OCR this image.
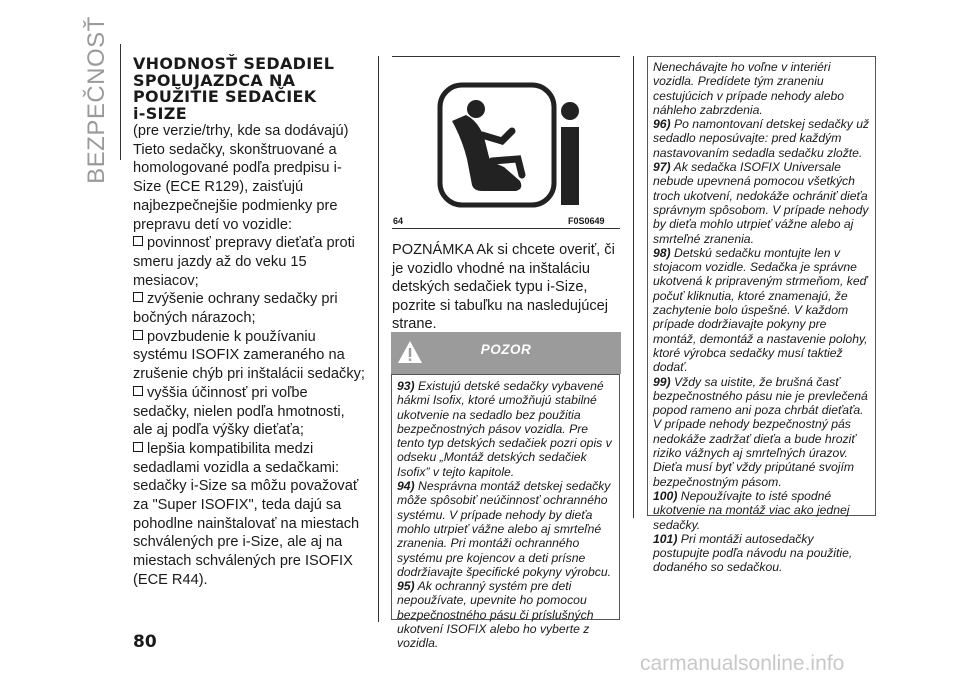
BEZPEČNOSŤ VHODNOSŤ SEDADIEL
SPOLUJAZDCA NA
POUŽITIE SEDAČIEK
i-SIZE

(pre verzie/trhy, kde sa dodávajú) Tieto sedačky, skonštruované a homologované podľa predpisu i-Size (ECE R129), zaisťujú najbezpečnejšie podmienky pre prepravu detí vo vozidle:

povinnosť prepravy dieťaťa proti smeru jazdy až do veku 15 mesiacov;
zvýšenie ochrany sedačky pri bočných nárazoch;
povzbudenie k používaniu systému ISOFIX zameraného na zrušenie chýb pri inštalácii sedačky;
vyššia účinnosť pri voľbe sedačky, nielen podľa hmotnosti, ale aj podľa výšky dieťaťa;
lepšia kompatibilita medzi sedadlami vozidla a sedačkami: sedačky i-Size sa môžu považovať za "Super ISOFIX", teda dajú sa pohodlne nainštalovať na miestach schválených pre i-Size, ale aj na miestach schválených pre ISOFIX (ECE R44).
64	F0S0649

POZNÁMKA Ak si chcete overiť, či je vozidlo vhodné na inštaláciu detských sedačiek typu i-Size, pozrite si tabuľku na nasledujúcej strane.

POZOR

93) Existujú detské sedačky vybavené hákmi Isofix, ktoré umožňujú stabilné ukotvenie na sedadlo bez použitia bezpečnostných pásov vozidla. Pre tento typ detských sedačiek pozri opis v odseku „Montáž detských sedačiek Isofix” v tejto kapitole.

94) Nesprávna montáž detskej sedačky môže spôsobiť neúčinnosť ochranného systému. V prípade nehody by dieťa mohlo utrpieť vážne alebo aj smrteľné zranenia. Pri montáži ochranného systému pre kojencov a deti prísne dodržiavajte špecifické pokyny výrobcu.

95) Ak ochranný systém pre deti nepoužívate, upevnite ho pomocou bezpečnostného pásu či príslušných ukotvení ISOFIX alebo ho vyberte z vozidla.

Nenechávajte ho voľne v interiéri vozidla. Predídete tým zraneniu cestujúcich v prípade nehody alebo náhleho zabrzdenia.

96) Po namontovaní detskej sedačky už sedadlo neposúvajte: pred každým nastavovaním sedadla sedačku zložte.

97) Ak sedačka ISOFIX Universale nebude upevnená pomocou všetkých troch ukotvení, nedokáže ochrániť dieťa správnym spôsobom. V prípade nehody by dieťa mohlo utrpieť vážne alebo aj smrteľné zranenia.

98) Detskú sedačku montujte len v stojacom vozidle. Sedačka je správne ukotvená k pripraveným strmeňom, keď počuť kliknutia, ktoré znamenajú, že zachytenie bolo úspešné. V každom prípade dodržiavajte pokyny pre montáž, demontáž a nastavenie polohy, ktoré výrobca sedačky musí taktiež dodať.

99) Vždy sa uistite, že brušná časť bezpečnostného pásu nie je prevlečená popod rameno ani poza chrbát dieťaťa. V prípade nehody bezpečnostný pás nedokáže zadržať dieťa a bude hroziť riziko vážnych aj smrteľných úrazov. Dieťa musí byť vždy pripútané svojím bezpečnostným pásom.

100) Nepoužívajte to isté spodné ukotvenie na montáž viac ako jednej sedačky.

101) Pri montáži autosedačky postupujte podľa návodu na použitie, dodaného so sedačkou.

80
carmanualsonline.info
